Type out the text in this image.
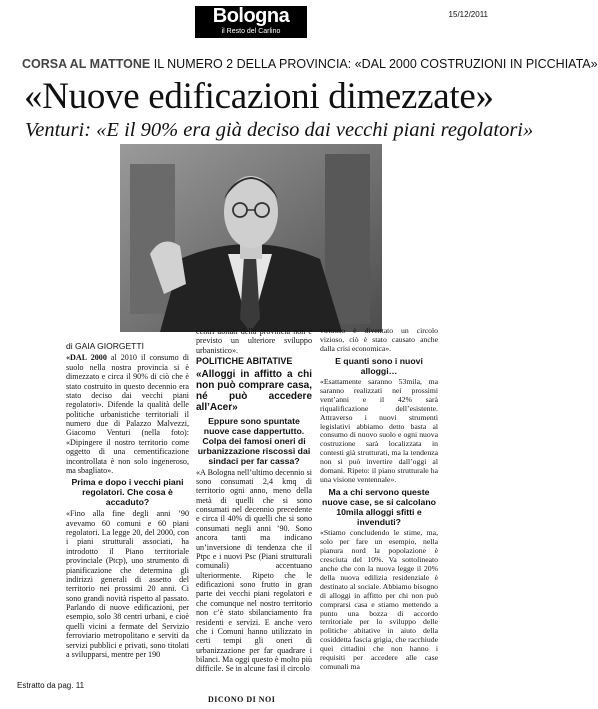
Bologna
il Resto del Carlino
15/12/2011
CORSA AL MATTONE IL NUMERO 2 DELLA PROVINCIA: «DAL 2000 COSTRUZIONI IN PICCHIATA»
«Nuove edificazioni dimezzate»
Venturi: «E il 90% era già deciso dai vecchi piani regolatori»
di GAIA GIORGETTI

«DAL 2000 al 2010 il consumo di suolo nella nostra provincia si è dimezzato e circa il 90% di ciò che è stato costruito in questo decennio era stato deciso dai vecchi piani regolatori». Difende la qualità delle politiche urbanistiche territoriali il numero due di Palazzo Malvezzi, Giacomo Venturi (nella foto): «Dipingere il nostro territorio come oggetto di una cementificazione incontrollata è non solo ingeneroso, ma sbagliato».

Prima e dopo i vecchi piani regolatori. Che cosa è accaduto?

«Fino alla fine degli anni ’90 avevamo 60 comuni e 60 piani regolatori. La legge 20, del 2000, con i piani strutturali associati, ha introdotto il Piano territoriale provinciale (Ptcp), uno strumento di pianificazione che determina gli indirizzi generali di assetto del territorio nei prossimi 20 anni. Ci sono grandi novità rispetto al passato. Parlando di nuove edificazioni, per esempio, solo 38 centri urbani, e cioè quelli vicini a fermate del Servizio ferroviario metropolitano e serviti da servizi pubblici e privati, sono titolati a svilupparsi, mentre per 190

centri abitati della provincia non è previsto un ulteriore sviluppo urbanistico».

POLITICHE ABITATIVE
«Alloggi in affitto a chi non può comprare casa, né può accedere all’Acer»
Eppure sono spuntate nuove case dappertutto. Colpa dei famosi oneri di urbanizzazione riscossi dai sindaci per far cassa?

«A Bologna nell’ultimo decennio si sono consumati 2,4 kmq di territorio ogni anno, meno della metà di quelli che si sono consumati nel decennio precedente e circa il 40% di quelli che si sono consumati negli anni ’90. Sono ancora tanti ma indicano un’inversione di tendenza che il Ptpc e i nuovi Psc (Piani strutturali comunali) accentuano ulteriormente. Ripeto che le edificazioni sono frutto in gran parte dei vecchi piani regolatori e che comunque nel nostro territorio non c’è stato sbilanciamento fra residenti e servizi. E anche vero che i Comuni hanno utilizzato in certi tempi gli oneri di urbanizzazione per far quadrare i bilanci. Ma oggi questo è molto più difficile. Se in alcune fasi il circolo

virtuoso è diventato un circolo vizioso, ciò è stato causato anche dalla crisi economica».

E quanti sono i nuovi alloggi…

«Esattamente saranno 53mila, ma saranno realizzati nei prossimi vent’anni e il 42% sarà riqualificazione dell’esistente. Attraverso i nuovi strumenti legislativi abbiamo detto basta al consumo di nuovo suolo e ogni nuova costruzione sarà localizzata in contesti già strutturati, ma la tendenza non si può invertire dall’oggi al domani. Ripeto: il piano strutturale ha una visione ventennale».

Ma a chi servono queste nuove case, se si calcolano 10mila alloggi sfitti e invenduti?

«Stiamo concludendo le stime, ma, solo per fare un esempio, nella pianura nord la popolazione è cresciuta del 10%. Va sottolineato anche che con la nuova legge il 20% della nuova edilizia residenziale è destinato al sociale. Abbiamo bisogno di alloggi in affitto per chi non può comprarsi casa e stiamo mettendo a punto una bozza di accordo territoriale per lo sviluppo delle politiche abitative in aiuto della cosiddetta fascia grigia, che racchiude quei cittadini che non hanno i requisiti per accedere alle case comunali ma

Estratto da pag. 11
DICONO DI NOI
